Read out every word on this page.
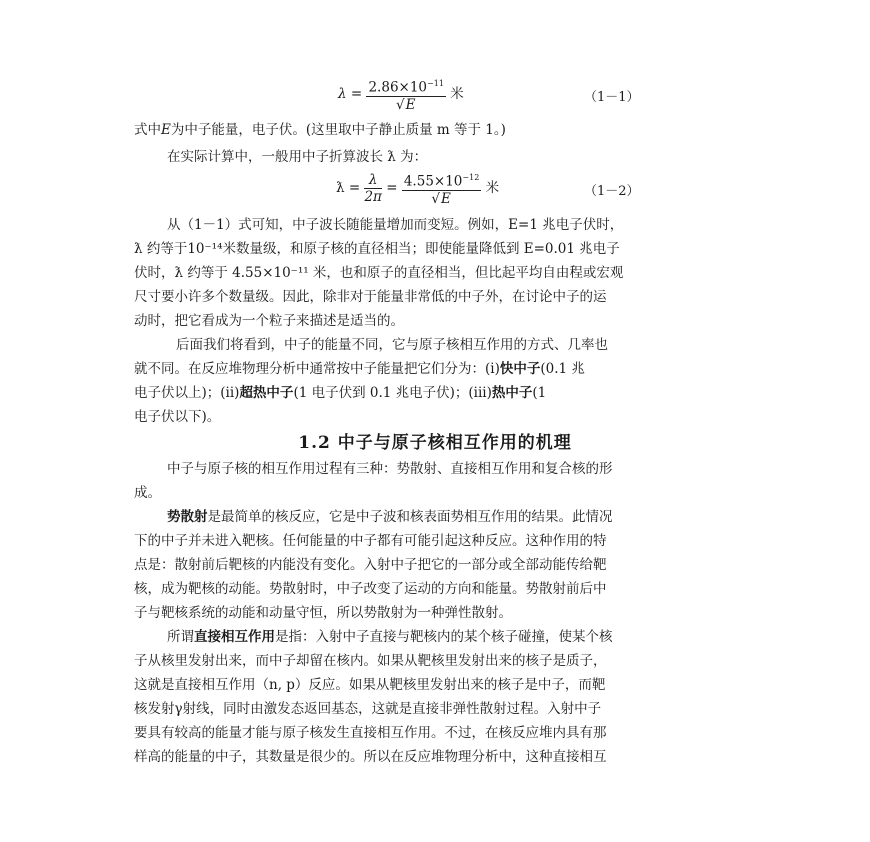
$\lambda = \frac{2.86\times 10^{-11}}{√E}$ 米	（1－1）
式中E为中子能量，电子伏。(这里取中子静止质量 m 等于 1。)
在实际计算中，一般用中子折算波长 ƛ 为：
ƛ = $\frac{\lambda}{2\pi} = \frac{4.55\times 10^{-12}}{√E}$ 米	（1－2）
从（1－1）式可知，中子波长随能量增加而变短。例如，E=1 兆电子伏时，
ƛ 约等于10⁻¹⁴米数量级，和原子核的直径相当；即使能量降低到 E=0.01 兆电子
伏时，ƛ 约等于 4.55×10⁻¹¹ 米，也和原子的直径相当，但比起平均自由程或宏观
尺寸要小许多个数量级。因此，除非对于能量非常低的中子外，在讨论中子的运
动时，把它看成为一个粒子来描述是适当的。
后面我们将看到，中子的能量不同，它与原子核相互作用的方式、几率也
就不同。在反应堆物理分析中通常按中子能量把它们分为：(i)快中子(0.1 兆
电子伏以上)；(ii)超热中子(1 电子伏到 0.1 兆电子伏)；(iii)热中子(1
电子伏以下)。
1.2 中子与原子核相互作用的机理
中子与原子核的相互作用过程有三种：势散射、直接相互作用和复合核的形
成。
势散射是最简单的核反应，它是中子波和核表面势相互作用的结果。此情况
下的中子并未进入靶核。任何能量的中子都有可能引起这种反应。这种作用的特
点是：散射前后靶核的内能没有变化。入射中子把它的一部分或全部动能传给靶
核，成为靶核的动能。势散射时，中子改变了运动的方向和能量。势散射前后中
子与靶核系统的动能和动量守恒，所以势散射为一种弹性散射。
所谓直接相互作用是指：入射中子直接与靶核内的某个核子碰撞，使某个核
子从核里发射出来，而中子却留在核内。如果从靶核里发射出来的核子是质子，
这就是直接相互作用（n, p）反应。如果从靶核里发射出来的核子是中子，而靶
核发射γ射线，同时由激发态返回基态，这就是直接非弹性散射过程。入射中子
要具有较高的能量才能与原子核发生直接相互作用。不过，在核反应堆内具有那
样高的能量的中子，其数量是很少的。所以在反应堆物理分析中，这种直接相互
